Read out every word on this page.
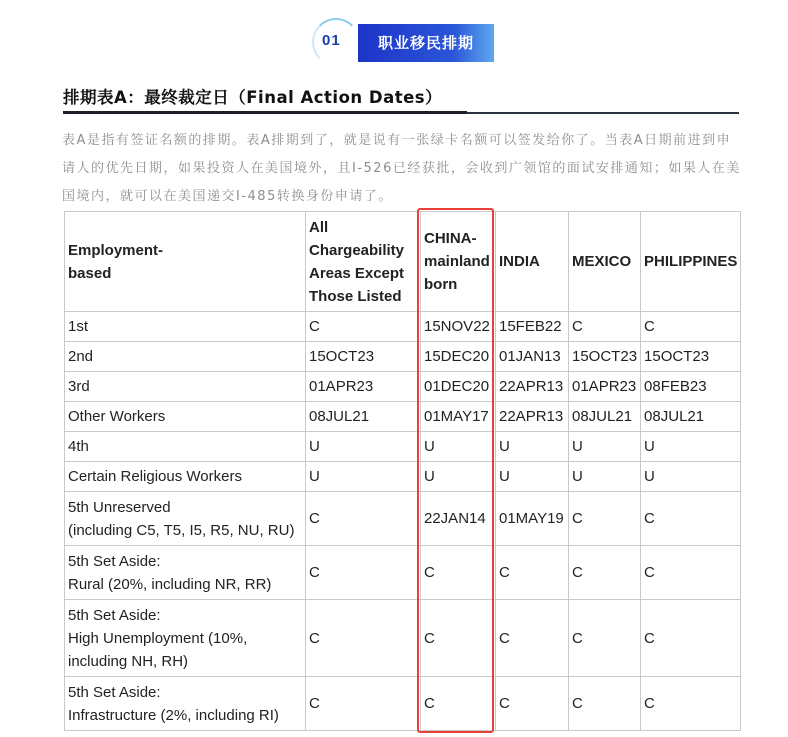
01	职业移民排期
排期表A：最终裁定日（Final Action Dates）

表A是指有签证名额的排期。表A排期到了，就是说有一张绿卡名额可以签发给你了。当表A日期前进到申请人的优先日期，如果投资人在美国境外，且I-526已经获批，会收到广领馆的面试安排通知；如果人在美国境内，就可以在美国递交I-485转换身份申请了。

Employment-
based	All Chargeability Areas Except Those Listed	CHINA-
mainland
born	INDIA	MEXICO	PHILIPPINES
1st	C	15NOV22	15FEB22	C	C
2nd	15OCT23	15DEC20	01JAN13	15OCT23	15OCT23
3rd	01APR23	01DEC20	22APR13	01APR23	08FEB23
Other Workers	08JUL21	01MAY17	22APR13	08JUL21	08JUL21
4th	U	U	U	U	U
Certain Religious Workers	U	U	U	U	U
5th Unreserved
(including C5, T5, I5, R5, NU, RU)	C	22JAN14	01MAY19	C	C
5th Set Aside:
Rural (20%, including NR, RR)	C	C	C	C	C
5th Set Aside:
High Unemployment (10%,
including NH, RH)	C	C	C	C	C
5th Set Aside:
Infrastructure (2%, including RI)	C	C	C	C	C
